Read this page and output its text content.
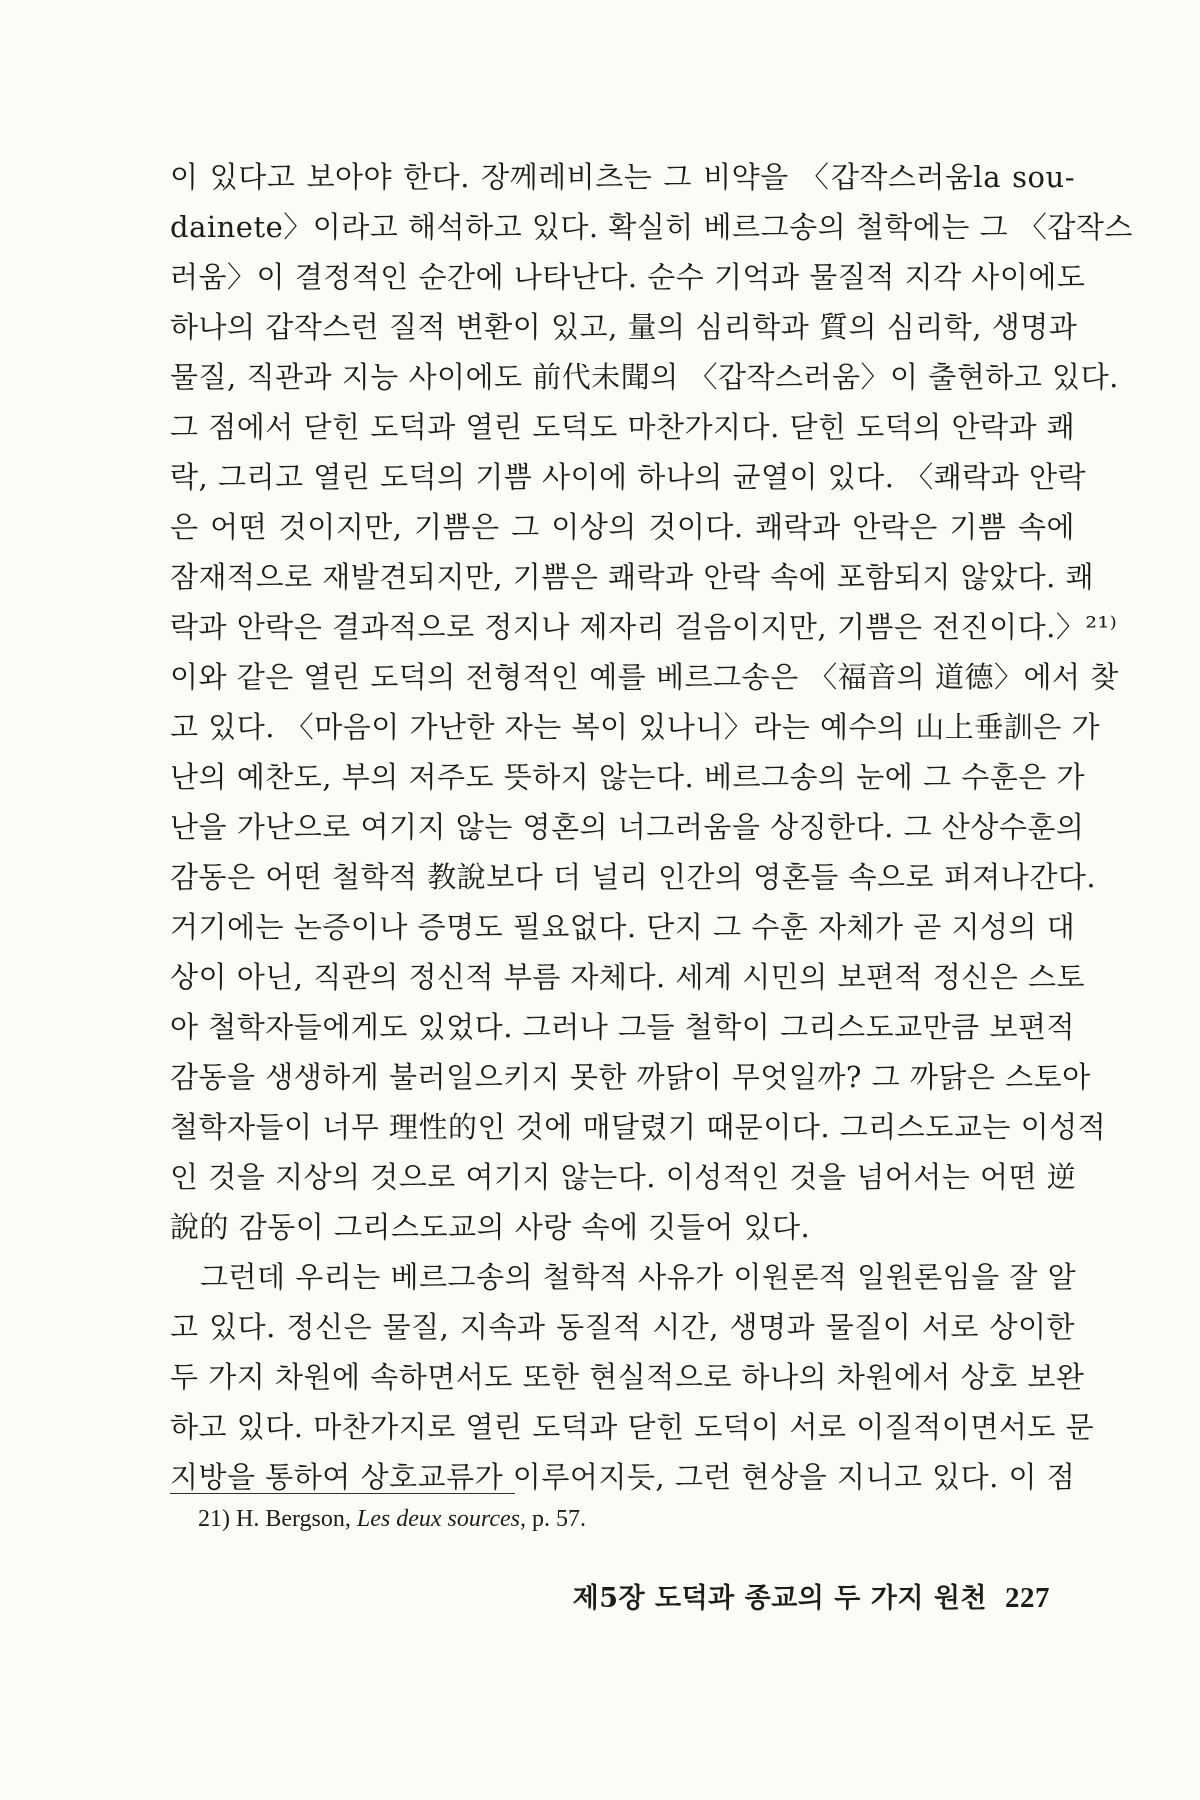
이 있다고 보아야 한다. 장께레비츠는 그 비약을 〈갑작스러움la sou-
dainete〉이라고 해석하고 있다. 확실히 베르그송의 철학에는 그 〈갑작스
러움〉이 결정적인 순간에 나타난다. 순수 기억과 물질적 지각 사이에도
하나의 갑작스런 질적 변환이 있고, 量의 심리학과 質의 심리학, 생명과
물질, 직관과 지능 사이에도 前代未聞의 〈갑작스러움〉이 출현하고 있다.
그 점에서 닫힌 도덕과 열린 도덕도 마찬가지다. 닫힌 도덕의 안락과 쾌
락, 그리고 열린 도덕의 기쁨 사이에 하나의 균열이 있다. 〈쾌락과 안락
은 어떤 것이지만, 기쁨은 그 이상의 것이다. 쾌락과 안락은 기쁨 속에
잠재적으로 재발견되지만, 기쁨은 쾌락과 안락 속에 포함되지 않았다. 쾌
락과 안락은 결과적으로 정지나 제자리 걸음이지만, 기쁨은 전진이다.〉²¹⁾
이와 같은 열린 도덕의 전형적인 예를 베르그송은 〈福音의 道德〉에서 찾
고 있다. 〈마음이 가난한 자는 복이 있나니〉라는 예수의 山上垂訓은 가
난의 예찬도, 부의 저주도 뜻하지 않는다. 베르그송의 눈에 그 수훈은 가
난을 가난으로 여기지 않는 영혼의 너그러움을 상징한다. 그 산상수훈의
감동은 어떤 철학적 教說보다 더 널리 인간의 영혼들 속으로 퍼져나간다.
거기에는 논증이나 증명도 필요없다. 단지 그 수훈 자체가 곧 지성의 대
상이 아닌, 직관의 정신적 부름 자체다. 세계 시민의 보편적 정신은 스토
아 철학자들에게도 있었다. 그러나 그들 철학이 그리스도교만큼 보편적
감동을 생생하게 불러일으키지 못한 까닭이 무엇일까? 그 까닭은 스토아
철학자들이 너무 理性的인 것에 매달렸기 때문이다. 그리스도교는 이성적
인 것을 지상의 것으로 여기지 않는다. 이성적인 것을 넘어서는 어떤 逆
說的 감동이 그리스도교의 사랑 속에 깃들어 있다.
그런데 우리는 베르그송의 철학적 사유가 이원론적 일원론임을 잘 알
고 있다. 정신은 물질, 지속과 동질적 시간, 생명과 물질이 서로 상이한
두 가지 차원에 속하면서도 또한 현실적으로 하나의 차원에서 상호 보완
하고 있다. 마찬가지로 열린 도덕과 닫힌 도덕이 서로 이질적이면서도 문
지방을 통하여 상호교류가 이루어지듯, 그런 현상을 지니고 있다. 이 점
21) H. Bergson, Les deux sources, p. 57.
제5장 도덕과 종교의 두 가지 원천 227
